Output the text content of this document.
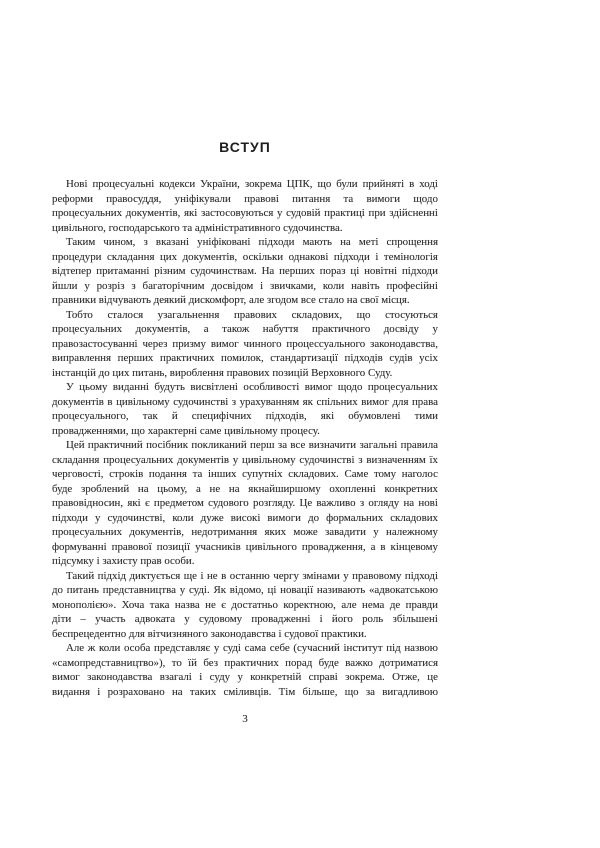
ВСТУП
Нові процесуальні кодекси України, зокрема ЦПК, що були прийняті в ході
реформи правосуддя, уніфікували правові питання та вимоги щодо
процесуальних документів, які застосовуються у судовій практиці при здійсненні
цивільного, господарського та адміністративного судочинства.
Таким чином, з вказані уніфіковані підходи мають на меті спрощення
процедури складання цих документів, оскільки однакові підходи і темінологія
відтепер притаманні різним судочинствам. На перших пораз ці новітні підходи
йшли у розріз з багаторічним досвідом і звичками, коли навіть професійні
правники відчувають деякий дискомфорт, але згодом все стало на свої місця.
Тобто сталося узагальнення правових складових, що стосуються
процесуальних документів, а також набуття практичного досвіду у
правозастосуванні через призму вимог чинного процессуального законодавства,
виправлення перших практичних помилок, стандартизації підходів судів усіх
інстанцій до цих питань, вироблення правових позицій Верховного Суду.
У цьому виданні будуть висвітлені особливості вимог щодо процесуальних
документів в цивільному судочинстві з урахуванням як спільних вимог для права
процесуального, так й специфічних підходів, які обумовлені тими
провадженнями, що характерні саме цивільному процесу.
Цей практичний посібник покликаний перш за все визначити загальні правила
складання процесуальних документів у цивільному судочинстві з визначенням їх
черговості, строків подання та інших супутніх складових. Саме тому наголос
буде зроблений на цьому, а не на якнайширшому охопленні конкретних
правовідносин, які є предметом судового розгляду. Це важливо з огляду на нові
підходи у судочинстві, коли дуже високі вимоги до формальних складових
процесуальних документів, недотримання яких може завадити у належному
формуванні правової позиції учасників цивільного провадження, а в кінцевому
підсумку і захисту прав особи.
Такий підхід диктується ще і не в останню чергу змінами у правовому підході
до питань представництва у суді. Як відомо, ці новації називають «адвокатською
монополією». Хоча така назва не є достатньо коректною, але нема де правди
діти – участь адвоката у судовому провадженні і його роль збільшені
беспрецедентно для вітчизняного законодавства і судової практики.
Але ж коли особа представляє у суді сама себе (сучасний інститут під назвою
«самопредставництво»), то їй без практичних порад буде важко дотриматися
вимог законодавства взагалі і суду у конкретній справі зокрема. Отже, це
видання і розраховано на таких сміливців. Тім більше, що за вигадливою
3
